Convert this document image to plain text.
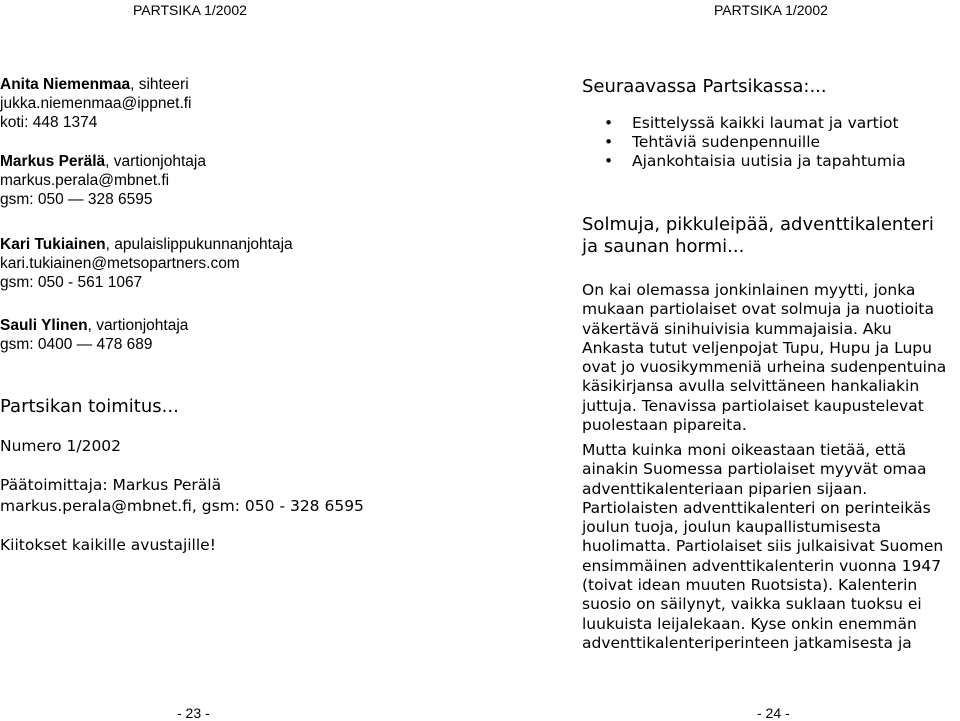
PARTSIKA 1/2002	PARTSIKA 1/2002
Anita Niemenmaa, sihteeri
jukka.niemenmaa@ippnet.fi
koti: 448 1374
Markus Perälä, vartionjohtaja
markus.perala@mbnet.fi
gsm: 050 — 328 6595
Kari Tukiainen, apulaislippukunnanjohtaja
kari.tukiainen@metsopartners.com
gsm: 050 - 561 1067
Sauli Ylinen, vartionjohtaja
gsm: 0400 — 478 689
Partsikan toimitus...
Numero 1/2002
Päätoimittaja: Markus Perälä
markus.perala@mbnet.fi, gsm: 050 - 328 6595
Kiitokset kaikille avustajille!
Seuraavassa Partsikassa:...
• Esittelyssä kaikki laumat ja vartiot
• Tehtäviä sudenpennuille
• Ajankohtaisia uutisia ja tapahtumia
Solmuja, pikkuleipää, adventtikalenteri ja saunan hormi...
On kai olemassa jonkinlainen myytti, jonka mukaan partiolaiset ovat solmuja ja nuotioita väkertävä sinihuivisia kummajaisia. Aku Ankasta tutut veljenpojat Tupu, Hupu ja Lupu ovat jo vuosikymmeniä urheina sudenpentuina käsikirjansa avulla selvittäneen hankaliakin juttuja. Tenavissa partiolaiset kaupustelevat puolestaan pipareita.
Mutta kuinka moni oikeastaan tietää, että ainakin Suomessa partiolaiset myyvät omaa adventtikalenteriaan piparien sijaan. Partiolaisten adventtikalenteri on perinteikäs joulun tuoja, joulun kaupallistumisesta huolimatta. Partiolaiset siis julkaisivat Suomen ensimmäinen adventtikalenterin vuonna 1947 (toivat idean muuten Ruotsista). Kalenterin suosio on säilynyt, vaikka suklaan tuoksu ei luukuista leijalekaan. Kyse onkin enemmän adventtikalenteriperinteen jatkamisesta ja
- 23 -	- 24 -
